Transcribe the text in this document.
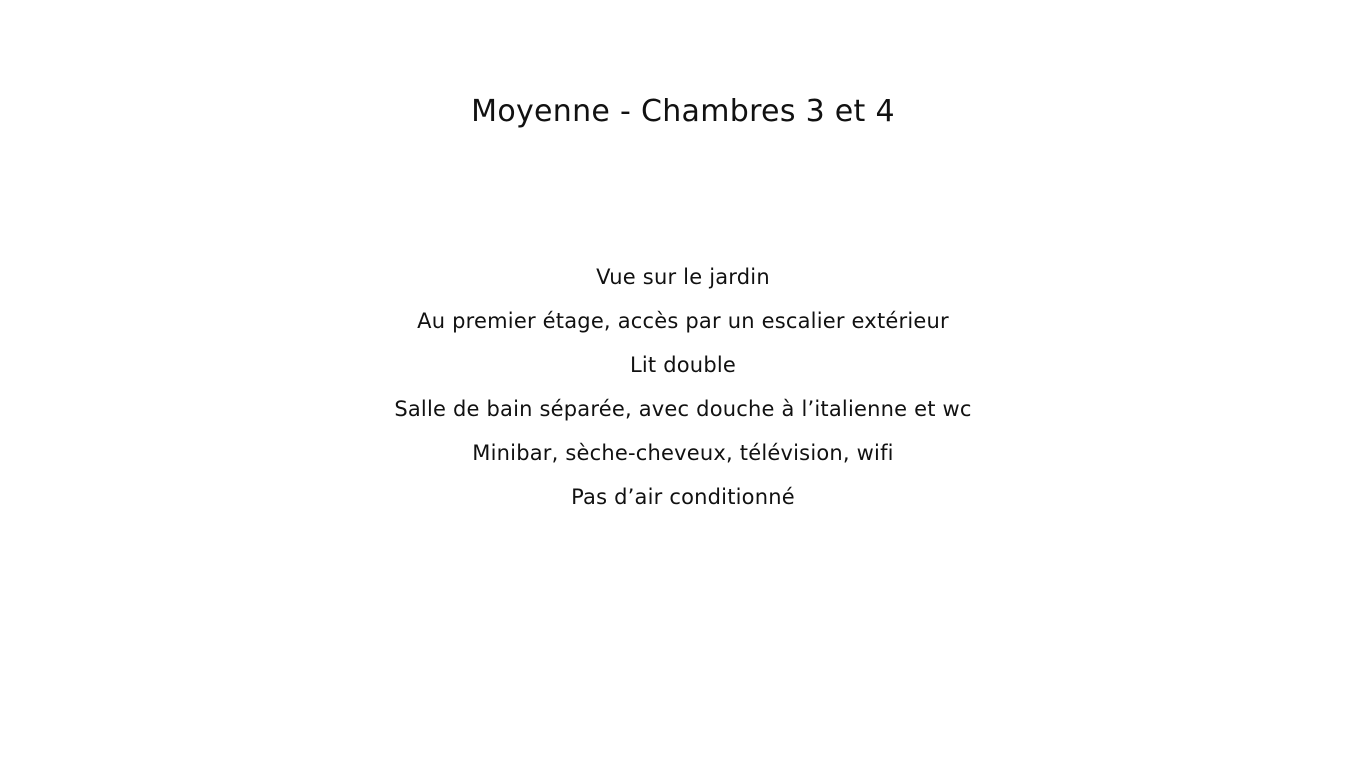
Moyenne - Chambres 3 et 4
Vue sur le jardin
Au premier étage, accès par un escalier extérieur
Lit double
Salle de bain séparée, avec douche à l’italienne et wc
Minibar, sèche-cheveux, télévision, wifi
Pas d’air conditionné
